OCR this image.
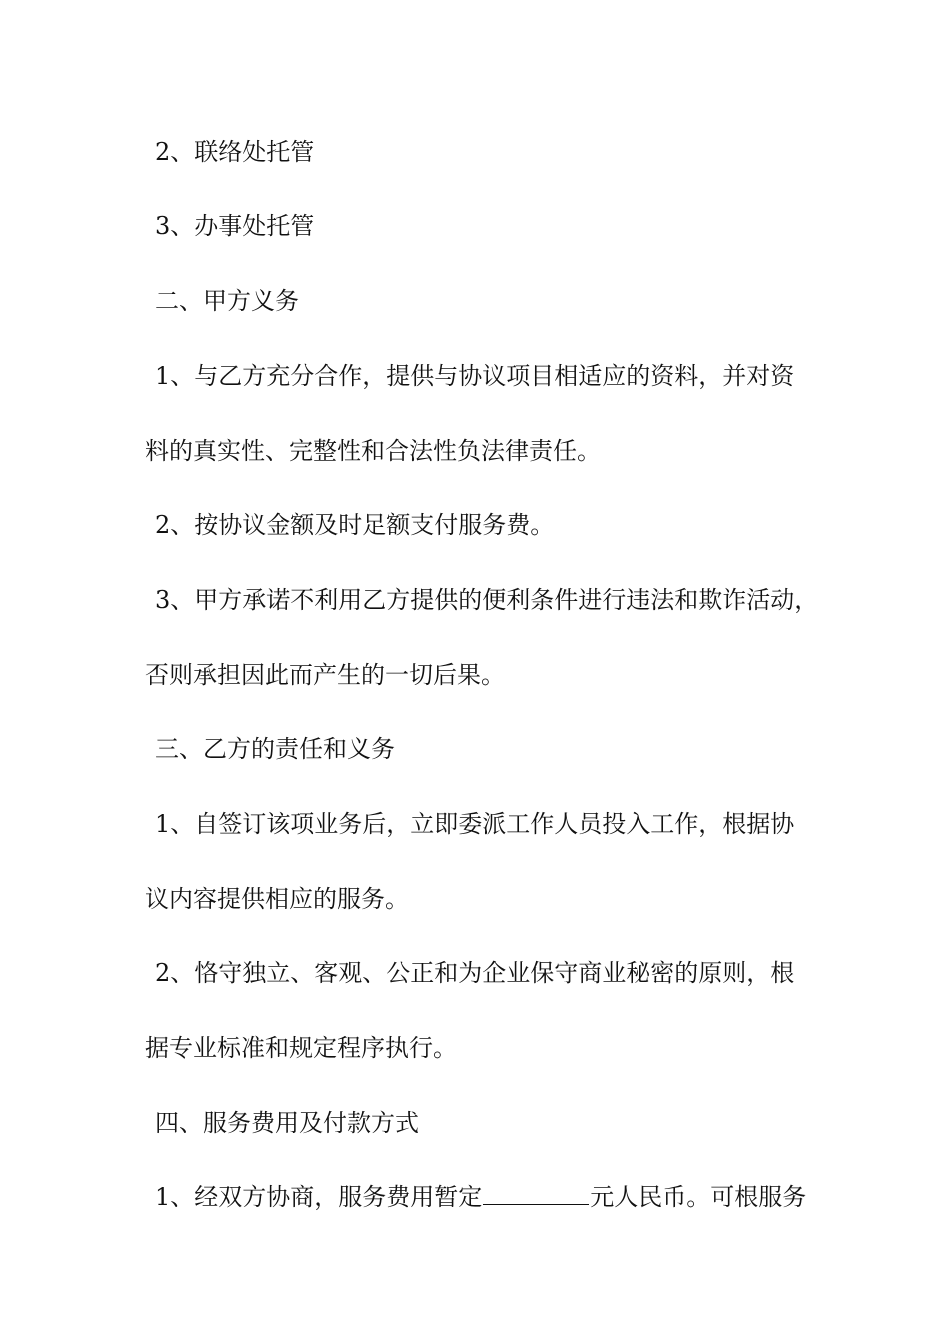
2、联络处托管
3、办事处托管
二、甲方义务
1、与乙方充分合作，提供与协议项目相适应的资料，并对资
料的真实性、完整性和合法性负法律责任。
2、按协议金额及时足额支付服务费。
3、甲方承诺不利用乙方提供的便利条件进行违法和欺诈活动，
否则承担因此而产生的一切后果。
三、乙方的责任和义务
1、自签订该项业务后，立即委派工作人员投入工作，根据协
议内容提供相应的服务。
2、恪守独立、客观、公正和为企业保守商业秘密的原则，根
据专业标准和规定程序执行。
四、服务费用及付款方式
1、经双方协商，服务费用暂定	元人民币。可根服务
